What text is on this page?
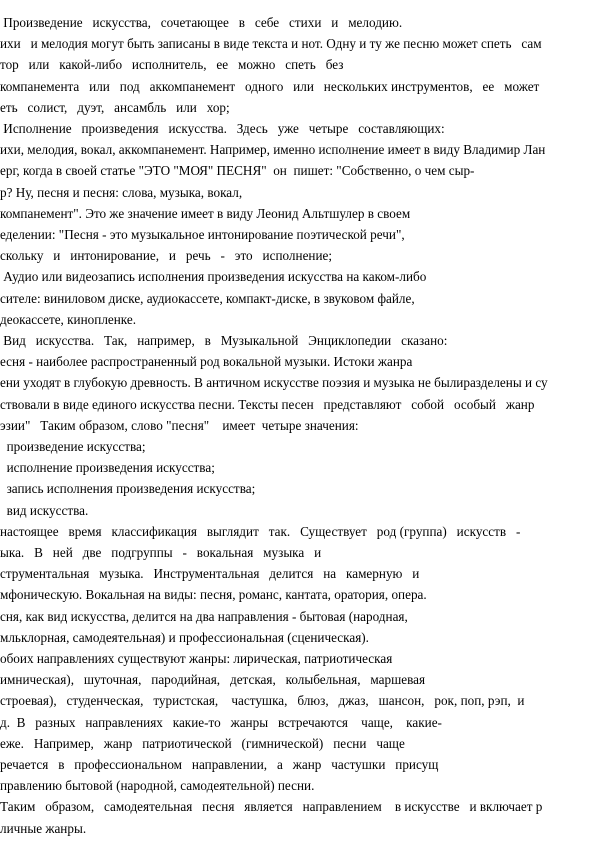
Произведение   искусства,   сочетающее   в   себе   стихи   и   мелодию.
ихи   и мелодия могут быть записаны в виде текста и нот. Одну и ту же песню может спеть   сам
тор   или   какой-либо   исполнитель,   ее   можно   спеть   без
компанемента   или   под   аккомпанемент   одного   или   нескольких инструментов,   ее   может
еть   солист,   дуэт,   ансамбль   или   хор;
Исполнение   произведения   искусства.   Здесь   уже   четыре   составляющих:
ихи, мелодия, вокал, аккомпанемент. Например, именно исполнение имеет в виду Владимир Лан
ерг, когда в своей статье "ЭТО "МОЯ" ПЕСНЯ"  он  пишет: "Собственно, о чем сыр-
р? Ну, песня и песня: слова, музыка, вокал,
компанемент". Это же значение имеет в виду Леонид Альтшулер в своем
еделении: "Песня - это музыкальное интонирование поэтической речи",
скольку   и   интонирование,   и   речь   -   это   исполнение;
Аудио или видеозапись исполнения произведения искусства на каком-либо
сителе: виниловом диске, аудиокассете, компакт-диске, в звуковом файле,
деокассете, кинопленке.
Вид   искусства.   Так,   например,   в   Музыкальной   Энциклопедии   сказано:
есня - наиболее распространенный род вокальной музыки. Истоки жанра
ени уходят в глубокую древность. В античном искусстве поэзия и музыка не былиразделены и су
ствовали в виде единого искусства песни. Тексты песен   представляют   собой   особый   жанр
эзии"   Таким образом, слово "песня"    имеет  четыре значения:
произведение искусства;
исполнение произведения искусства;
запись исполнения произведения искусства;
вид искусства.
настоящее   время   классификация   выглядит   так.   Существует   род (группа)   искусств   -
ыка.   В   ней   две   подгруппы   -   вокальная   музыка   и
струментальная   музыка.   Инструментальная   делится   на   камерную   и
мфоническую. Вокальная на виды: песня, романс, кантата, оратория, опера.
сня, как вид искусства, делится на два направления - бытовая (народная,
мльклорная, самодеятельная) и профессиональная (сценическая).
обоих направлениях существуют жанры: лирическая, патриотическая
имническая),   шуточная,   пародийная,   детская,   колыбельная,   маршевая
строевая),   студенческая,   туристская,    частушка,   блюз,   джаз,   шансон,   рок, поп, рэп,  и
д.  В   разных   направлениях   какие-то   жанры   встречаются    чаще,    какие-
еже.   Например,   жанр   патриотической   (гимнической)   песни   чаще
речается   в   профессиональном   направлении,   а   жанр   частушки   присущ
правлению бытовой (народной, самодеятельной) песни.
Таким   образом,   самодеятельная   песня   является   направлением    в искусстве   и включает р
личные жанры.
